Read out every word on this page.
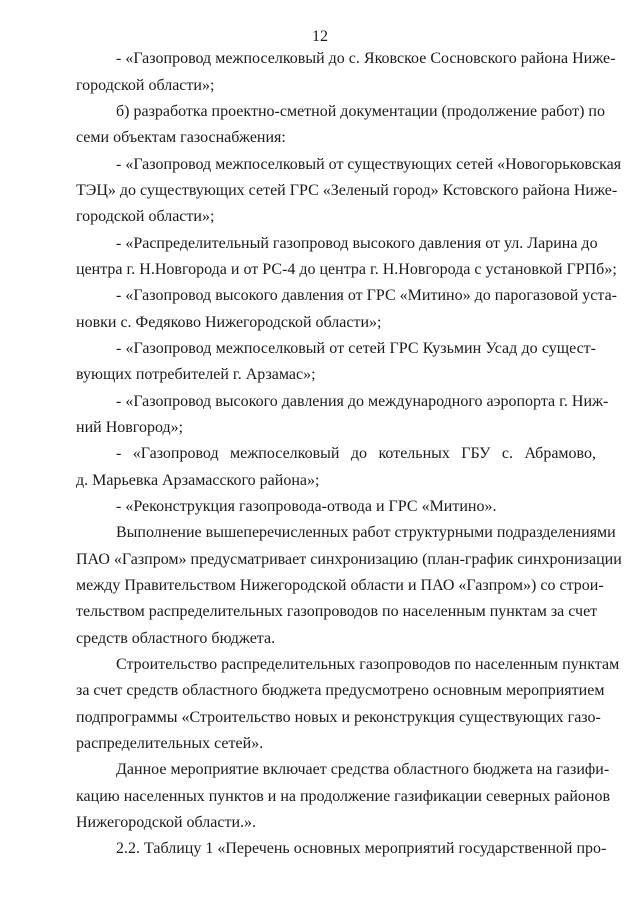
12
- «Газопровод межпоселковый до с. Яковское Сосновского района Ниже-
городской области»;
б) разработка проектно-сметной документации (продолжение работ) по
семи объектам газоснабжения:
- «Газопровод межпоселковый от существующих сетей «Новогорьковская
ТЭЦ» до существующих сетей ГРС «Зеленый город» Кстовского района Ниже-
городской области»;
- «Распределительный газопровод высокого давления от ул. Ларина до
центра г. Н.Новгорода и от РС-4 до центра г. Н.Новгорода с установкой ГРПб»;
- «Газопровод высокого давления от ГРС «Митино» до парогазовой уста-
новки с. Федяково Нижегородской области»;
- «Газопровод межпоселковый от сетей ГРС Кузьмин Усад до сущест-
вующих потребителей г. Арзамас»;
- «Газопровод высокого давления до международного аэропорта г. Ниж-
ний Новгород»;
- «Газопровод межпоселковый до котельных ГБУ с. Абрамово,
д. Марьевка Арзамасского района»;
- «Реконструкция газопровода-отвода и ГРС «Митино».
Выполнение вышеперечисленных работ структурными подразделениями
ПАО «Газпром» предусматривает синхронизацию (план-график синхронизации
между Правительством Нижегородской области и ПАО «Газпром») со строи-
тельством распределительных газопроводов по населенным пунктам за счет
средств областного бюджета.
Строительство распределительных газопроводов по населенным пунктам
за счет средств областного бюджета предусмотрено основным мероприятием
подпрограммы «Строительство новых и реконструкция существующих газо-
распределительных сетей».
Данное мероприятие включает средства областного бюджета на газифи-
кацию населенных пунктов и на продолжение газификации северных районов
Нижегородской области.».
2.2. Таблицу 1 «Перечень основных мероприятий государственной про-
